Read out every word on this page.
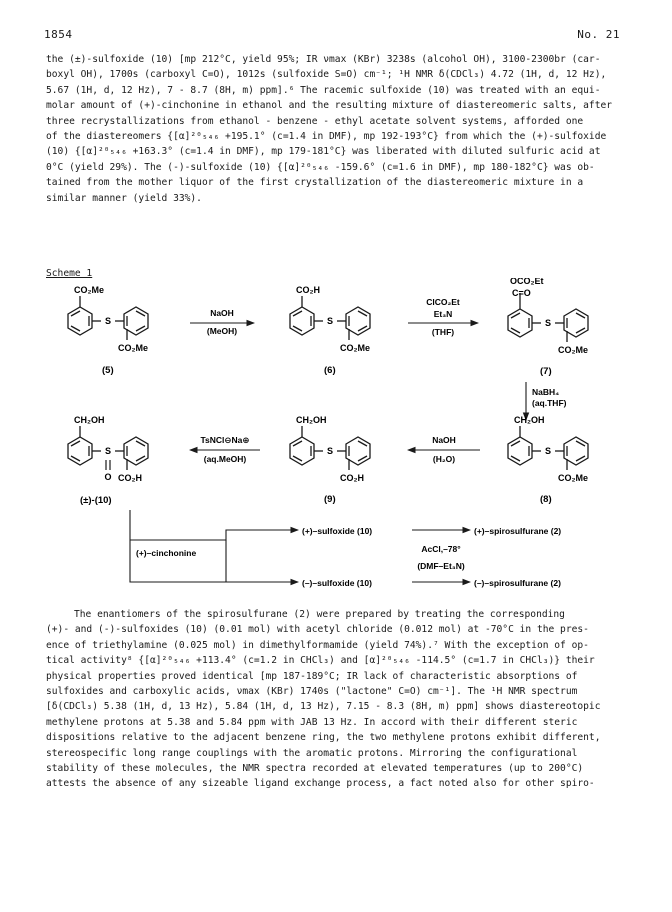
1854	No. 21

the (±)-sulfoxide (10) [mp 212°C, yield 95%; IR νmax (KBr) 3238s (alcohol OH), 3100-2300br (car-
boxyl OH), 1700s (carboxyl C=O), 1012s (sulfoxide S=O) cm⁻¹; ¹H NMR δ(CDCl₃) 4.72 (1H, d, 12 Hz),
5.67 (1H, d, 12 Hz), 7 - 8.7 (8H, m) ppm].⁶ The racemic sulfoxide (10) was treated with an equi-
molar amount of (+)-cinchonine in ethanol and the resulting mixture of diastereomeric salts, after
three recrystallizations from ethanol - benzene - ethyl acetate solvent systems, afforded one
of the diastereomers {[α]²⁰₅₄₆ +195.1° (c=1.4 in DMF), mp 192-193°C} from which the (+)-sulfoxide
(10) {[α]²⁰₅₄₆ +163.3° (c=1.4 in DMF), mp 179-181°C} was liberated with diluted sulfuric acid at
0°C (yield 29%). The (-)-sulfoxide (10) {[α]²⁰₅₄₆ -159.6° (c=1.6 in DMF), mp 180-182°C} was ob-
tained from the mother liquor of the first crystallization of the diastereomeric mixture in a
similar manner (yield 33%).

Scheme 1
S
CO₂Me
CO₂Me
(5)
NaOH
(MeOH)
S
CO₂H
CO₂Me
(6)
ClCO₂Et
Et₃N
(THF)
S
C=O
OCO₂Et
CO₂Me
(7)
NaBH₄
(aq.THF)
S
CH₂OH
CO₂Me
(8)
NaOH
(H₂O)
S
CH₂OH
CO₂H
(9)
TsNCl⊖Na⊕
(aq.MeOH)
S
O
CH₂OH
CO₂H
(±)-(10)
(+)–cinchonine
(+)–sulfoxide (10)
(–)–sulfoxide (10)
AcCl,–78°
(DMF–Et₃N)
(+)–spirosulfurane (2)
(–)–spirosulfurane (2)

The enantiomers of the spirosulfurane (2) were prepared by treating the corresponding
(+)- and (-)-sulfoxides (10) (0.01 mol) with acetyl chloride (0.012 mol) at -70°C in the pres-
ence of triethylamine (0.025 mol) in dimethylformamide (yield 74%).⁷ With the exception of op-
tical activity⁸ {[α]²⁰₅₄₆ +113.4° (c=1.2 in CHCl₃) and [α]²⁰₅₄₆ -114.5° (c=1.7 in CHCl₃)} their
physical properties proved identical [mp 187-189°C; IR lack of characteristic absorptions of
sulfoxides and carboxylic acids, νmax (KBr) 1740s ("lactone" C=O) cm⁻¹]. The ¹H NMR spectrum
[δ(CDCl₃) 5.38 (1H, d, 13 Hz), 5.84 (1H, d, 13 Hz), 7.15 - 8.3 (8H, m) ppm] shows diastereotopic
methylene protons at 5.38 and 5.84 ppm with JAB 13 Hz. In accord with their different steric
dispositions relative to the adjacent benzene ring, the two methylene protons exhibit different,
stereospecific long range couplings with the aromatic protons. Mirroring the configurational
stability of these molecules, the NMR spectra recorded at elevated temperatures (up to 200°C)
attests the absence of any sizeable ligand exchange process, a fact noted also for other spiro-
